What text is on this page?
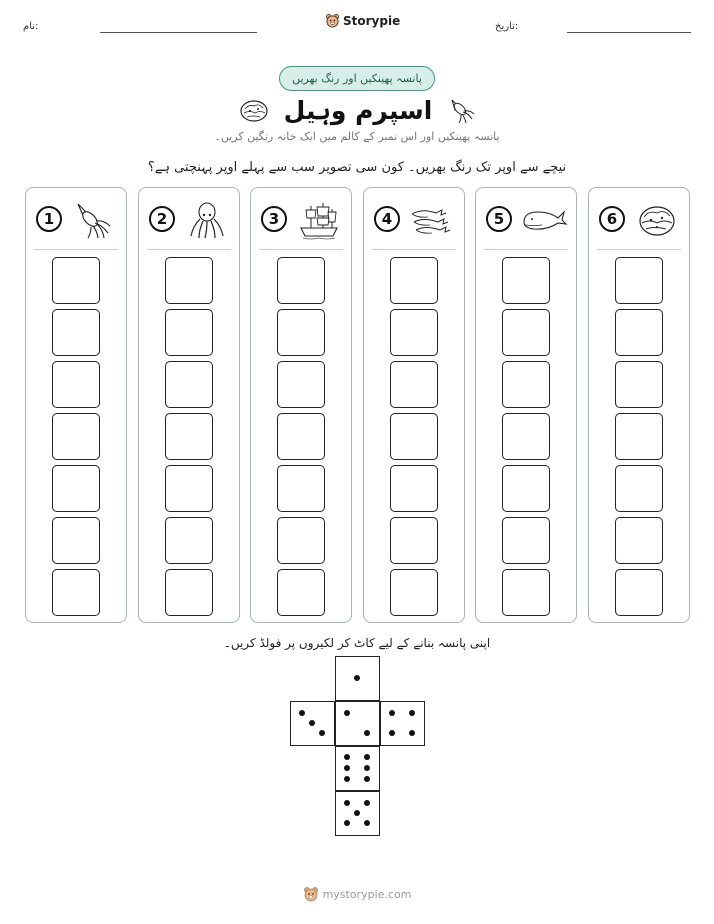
نام:	تاریخ:
Storypie
پانسہ پھینکیں اور رنگ بھریں
اسپرم وہیل
پانسہ پھینکیں اور اس نمبر کے کالم میں ایک خانہ رنگین کریں۔
نیچے سے اوپر تک رنگ بھریں۔ کون سی تصویر سب سے پہلے اوپر پہنچتی ہے؟
1	2	3	4	5	6
اپنی پانسہ بنانے کے لیے کاٹ کر لکیروں پر فولڈ کریں۔
mystorypie.com
